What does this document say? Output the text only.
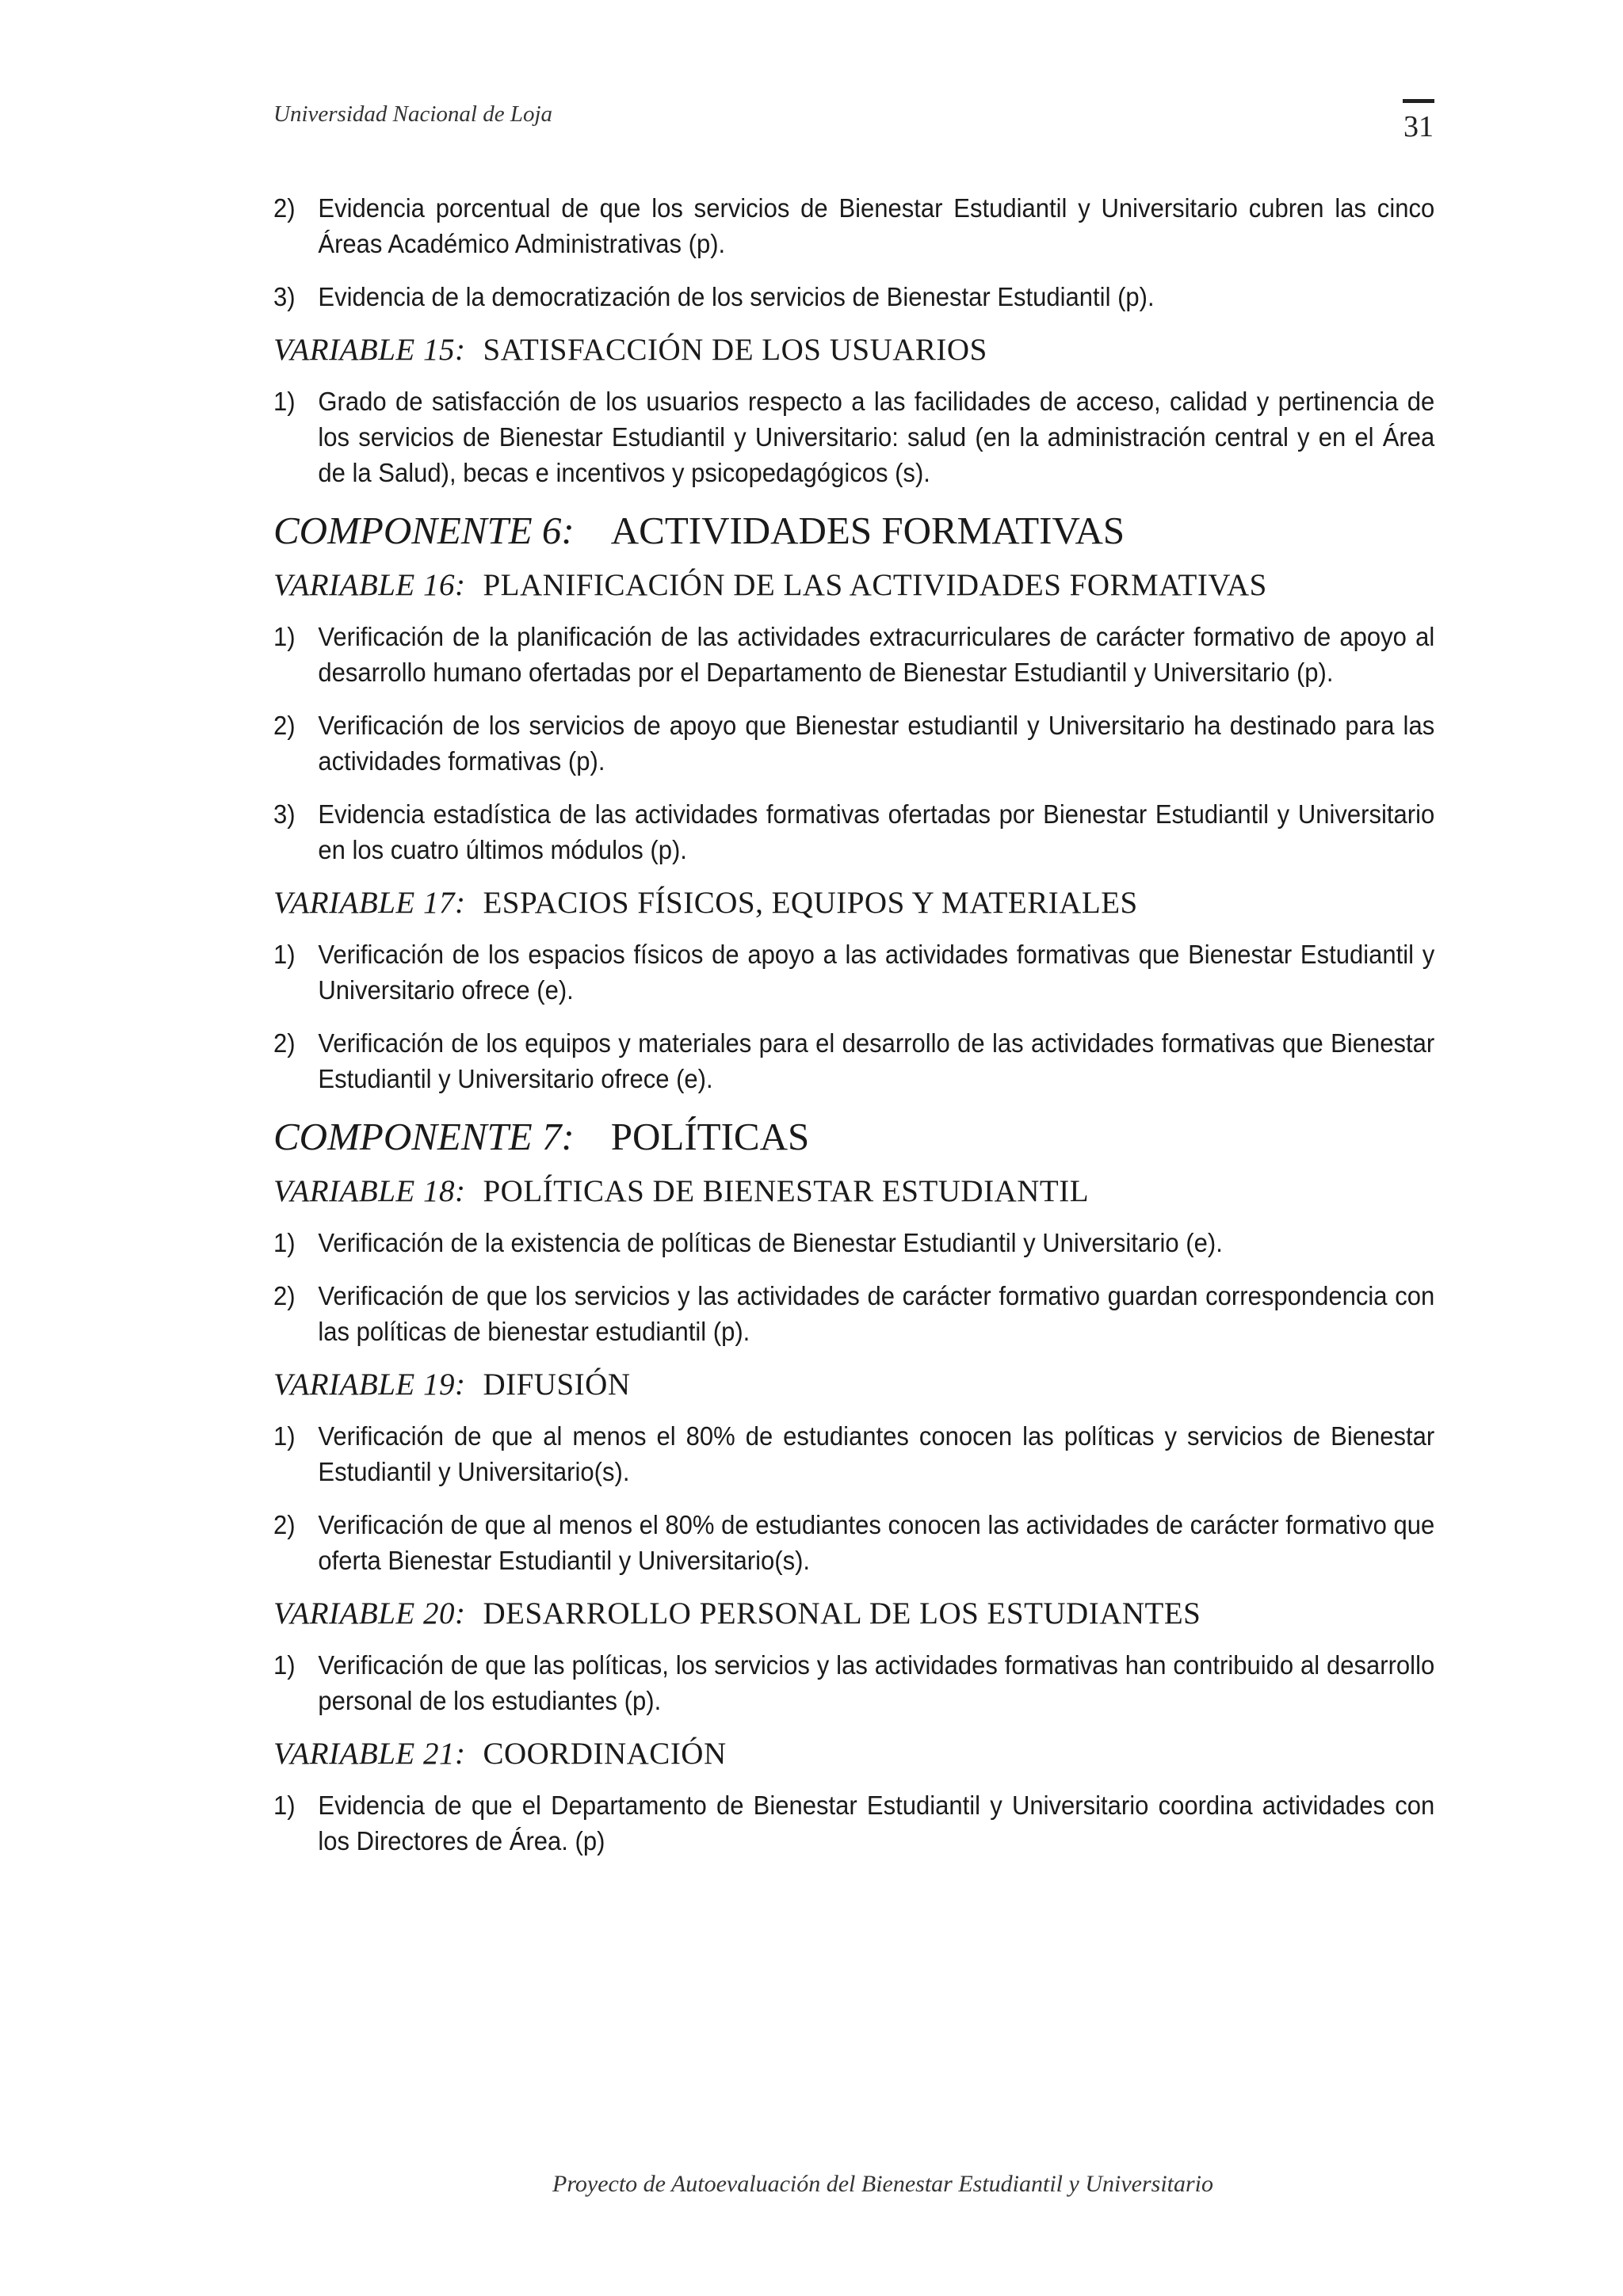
Universidad Nacional de Loja	31
2) Evidencia porcentual de que los servicios de Bienestar Estudiantil y Universitario cubren las cinco Áreas Académico Administrativas (p).
3) Evidencia de la democratización de los servicios de Bienestar Estudiantil (p).
VARIABLE 15: SATISFACCIÓN DE LOS USUARIOS
1) Grado de satisfacción de los usuarios respecto a las facilidades de acceso, calidad y pertinencia de los servicios de Bienestar Estudiantil y Universitario: salud (en la administración central y en el Área de la Salud), becas e incentivos y psicopedagógicos (s).
COMPONENTE 6: ACTIVIDADES FORMATIVAS
VARIABLE 16: PLANIFICACIÓN DE LAS ACTIVIDADES FORMATIVAS
1) Verificación de la planificación de las actividades extracurriculares de carácter formativo de apoyo al desarrollo humano ofertadas por el Departamento de Bienestar Estudiantil y Universitario (p).
2) Verificación de los servicios de apoyo que Bienestar estudiantil y Universitario ha destinado para las actividades formativas (p).
3) Evidencia estadística de las actividades formativas ofertadas por Bienestar Estudiantil y Universitario en los cuatro últimos módulos (p).
VARIABLE 17: ESPACIOS FÍSICOS, EQUIPOS Y MATERIALES
1) Verificación de los espacios físicos de apoyo a las actividades formativas que Bienestar Estudiantil y Universitario ofrece (e).
2) Verificación de los equipos y materiales para el desarrollo de las actividades formativas que Bienestar Estudiantil y Universitario ofrece (e).
COMPONENTE 7: POLÍTICAS
VARIABLE 18: POLÍTICAS DE BIENESTAR ESTUDIANTIL
1) Verificación de la existencia de políticas de Bienestar Estudiantil y Universitario (e).
2) Verificación de que los servicios y las actividades de carácter formativo guardan correspondencia con las políticas de bienestar estudiantil (p).
VARIABLE 19: DIFUSIÓN
1) Verificación de que al menos el 80% de estudiantes conocen las políticas y servicios de Bienestar Estudiantil y Universitario(s).
2) Verificación de que al menos el 80% de estudiantes conocen las actividades de carácter formativo que oferta Bienestar Estudiantil y Universitario(s).
VARIABLE 20: DESARROLLO PERSONAL DE LOS ESTUDIANTES
1) Verificación de que las políticas, los servicios y las actividades formativas han contribuido al desarrollo personal de los estudiantes (p).
VARIABLE 21: COORDINACIÓN
1) Evidencia de que el Departamento de Bienestar Estudiantil y Universitario coordina actividades con los Directores de Área. (p)
Proyecto de Autoevaluación del Bienestar Estudiantil y Universitario
